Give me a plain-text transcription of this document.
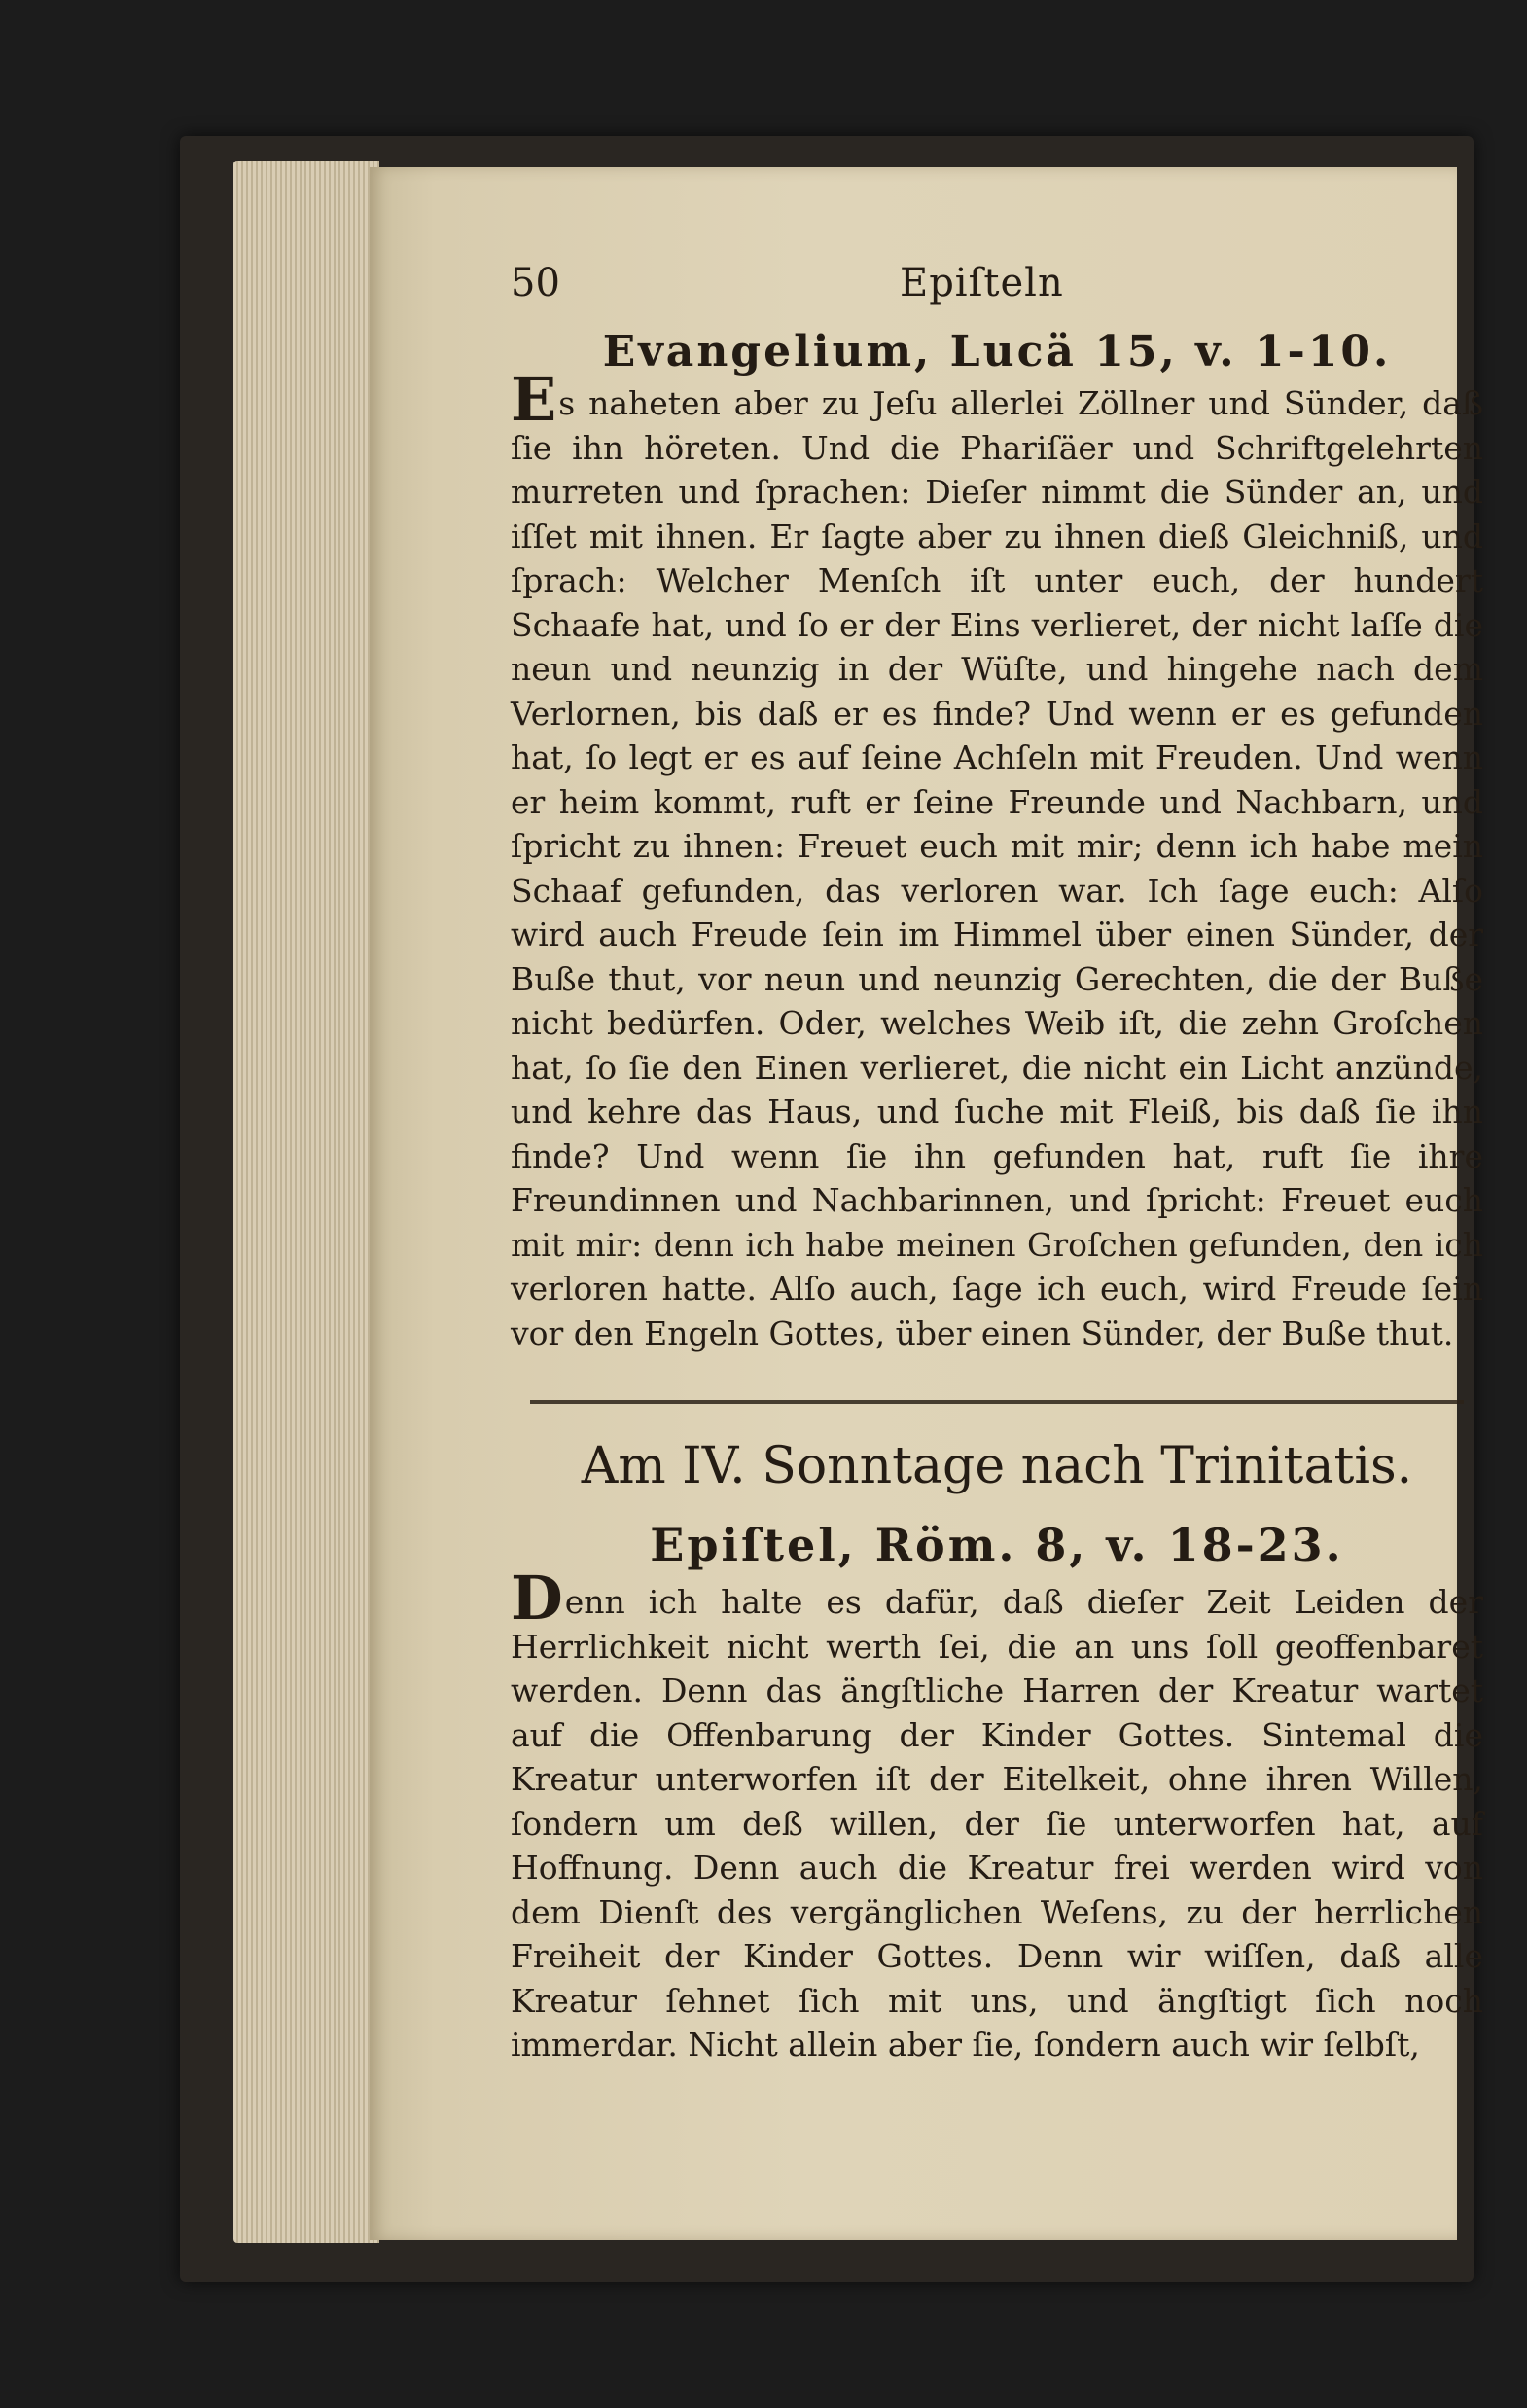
50	Epiſteln
Evangelium, Lucä 15, v. 1‑10.

Es naheten aber zu Jeſu allerlei Zöllner und Sünder, daß ſie ihn höreten. Und die Phariſäer und Schriftgelehrten murreten und ſprachen: Dieſer nimmt die Sünder an, und iſſet mit ihnen. Er ſagte aber zu ihnen dieß Gleichniß, und ſprach: Welcher Menſch iſt unter euch, der hundert Schaafe hat, und ſo er der Eins verlieret, der nicht laſſe die neun und neunzig in der Wüſte, und hingehe nach dem Verlornen, bis daß er es finde? Und wenn er es gefunden hat, ſo legt er es auf ſeine Achſeln mit Freuden. Und wenn er heim kommt, ruft er ſeine Freunde und Nachbarn, und ſpricht zu ihnen: Freuet euch mit mir; denn ich habe mein Schaaf gefunden, das verloren war. Ich ſage euch: Alſo wird auch Freude ſein im Himmel über einen Sünder, der Buße thut, vor neun und neunzig Gerechten, die der Buße nicht bedürfen. Oder, welches Weib iſt, die zehn Groſchen hat, ſo ſie den Einen verlieret, die nicht ein Licht anzünde, und kehre das Haus, und ſuche mit Fleiß, bis daß ſie ihn finde? Und wenn ſie ihn gefunden hat, ruft ſie ihre Freundinnen und Nachbarinnen, und ſpricht: Freuet euch mit mir: denn ich habe meinen Groſchen gefunden, den ich verloren hatte. Alſo auch, ſage ich euch, wird Freude ſein vor den Engeln Gottes, über einen Sünder, der Buße thut.

Am IV. Sonntage nach Trinitatis.
Epiſtel, Röm. 8, v. 18‑23.

Denn ich halte es dafür, daß dieſer Zeit Leiden der Herrlichkeit nicht werth ſei, die an uns ſoll geoffenbaret werden. Denn das ängſtliche Harren der Kreatur wartet auf die Offenbarung der Kinder Gottes. Sintemal die Kreatur unterworfen iſt der Eitelkeit, ohne ihren Willen, ſondern um deß willen, der ſie unterworfen hat, auf Hoffnung. Denn auch die Kreatur frei werden wird von dem Dienſt des vergänglichen Weſens, zu der herrlichen Freiheit der Kinder Gottes. Denn wir wiſſen, daß alle Kreatur ſehnet ſich mit uns, und ängſtigt ſich noch immerdar. Nicht allein aber ſie, ſondern auch wir ſelbſt,
